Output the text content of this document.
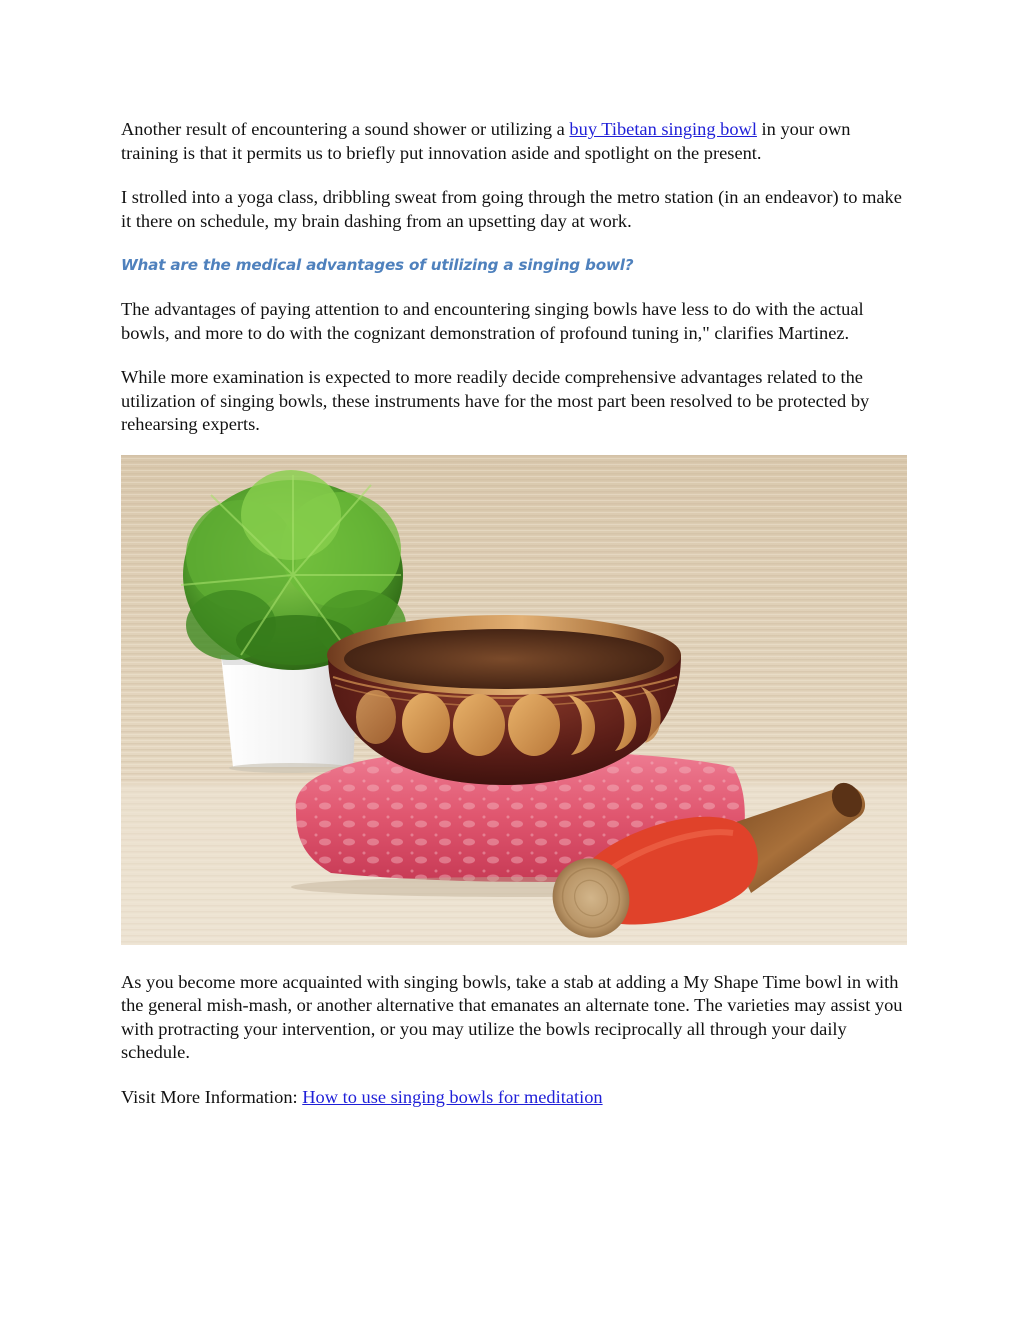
Another result of encountering a sound shower or utilizing a buy Tibetan singing bowl in your own training is that it permits us to briefly put innovation aside and spotlight on the present.

I strolled into a yoga class, dribbling sweat from going through the metro station (in an endeavor) to make it there on schedule, my brain dashing from an upsetting day at work.

What are the medical advantages of utilizing a singing bowl?

The advantages of paying attention to and encountering singing bowls have less to do with the actual bowls, and more to do with the cognizant demonstration of profound tuning in," clarifies Martinez.

While more examination is expected to more readily decide comprehensive advantages related to the utilization of singing bowls, these instruments have for the most part been resolved to be protected by rehearsing experts.

As you become more acquainted with singing bowls, take a stab at adding a My Shape Time bowl in with the general mish-mash, or another alternative that emanates an alternate tone. The varieties may assist you with protracting your intervention, or you may utilize the bowls reciprocally all through your daily schedule.

Visit More Information: How to use singing bowls for meditation
